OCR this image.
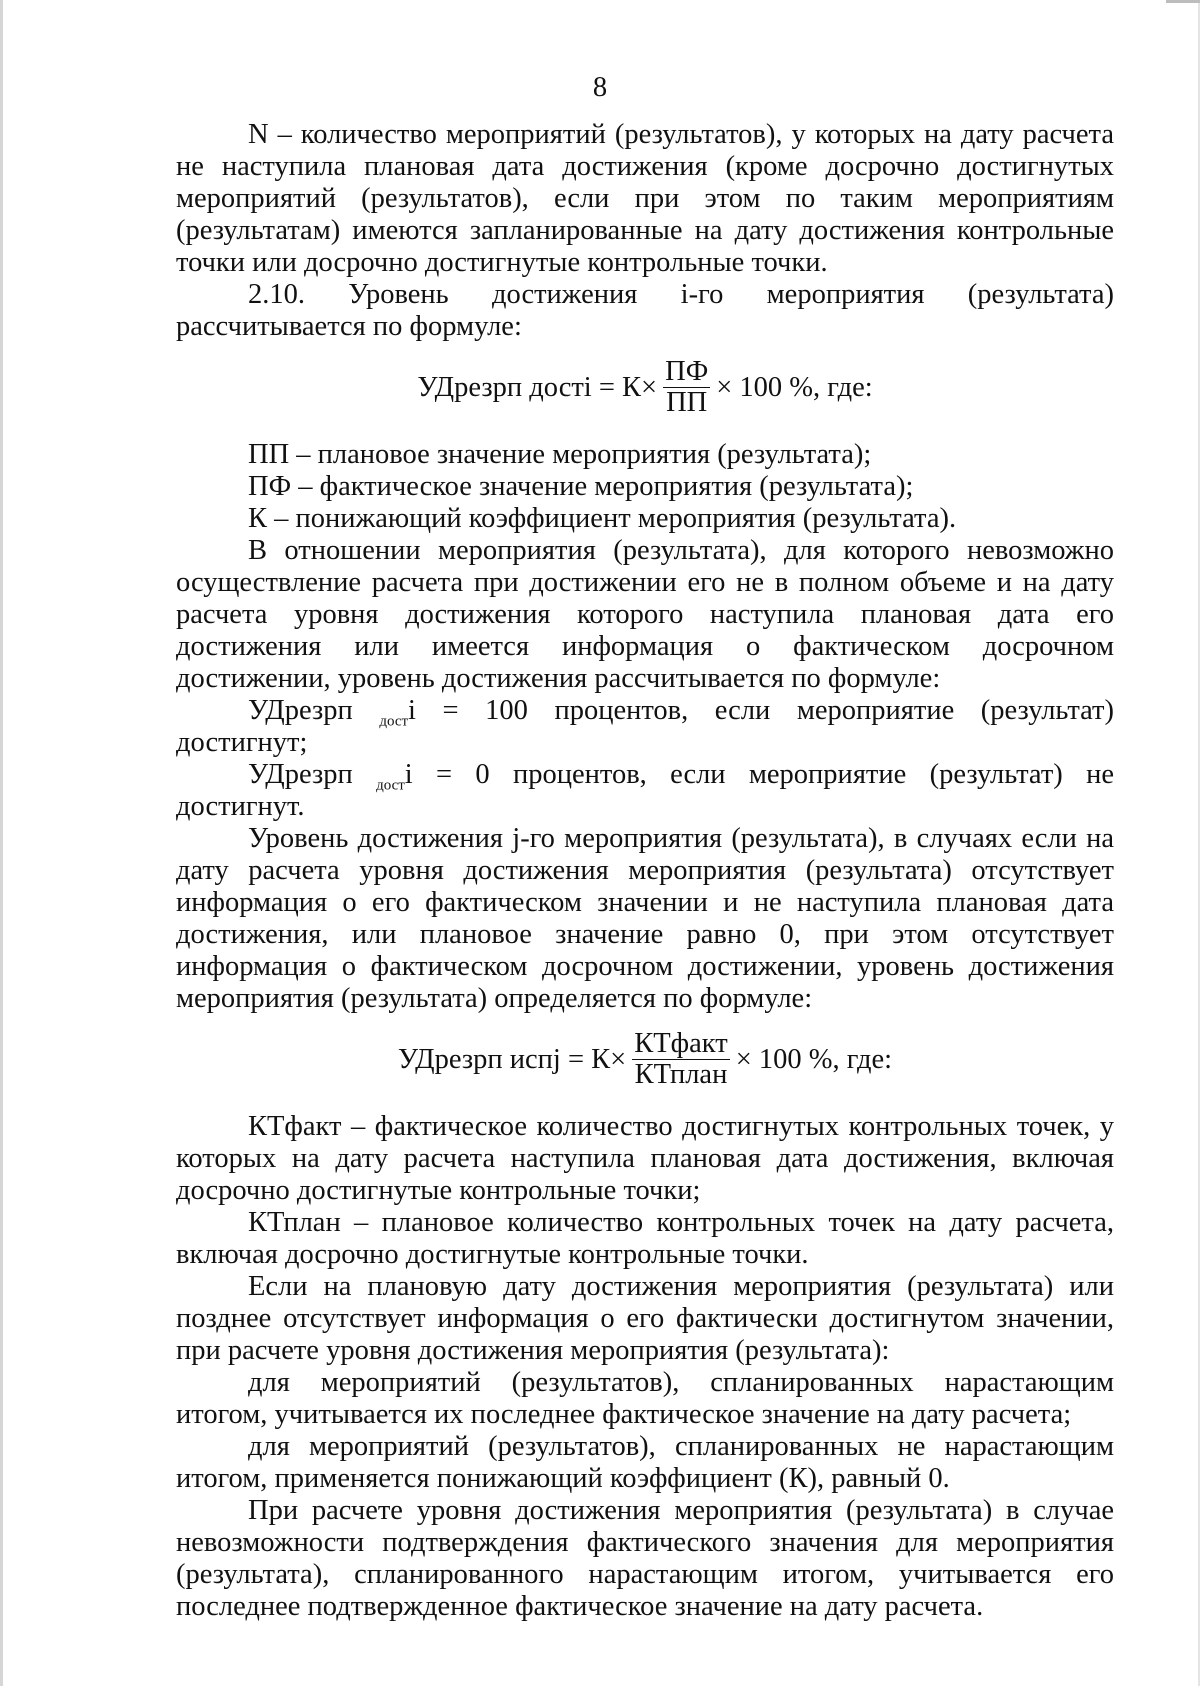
8

N – количество мероприятий (результатов), у которых на дату расчета не наступила плановая дата достижения (кроме досрочно достигнутых мероприятий (результатов), если при этом по таким мероприятиям (результатам) имеются запланированные на дату достижения контрольные точки или досрочно достигнутые контрольные точки.

2.10. Уровень достижения i-го мероприятия (результата) рассчитывается по формуле:

УДрезрп достi = $К\times \frac{ПФ}{ПП} \times 100$ %, где:

ПП – плановое значение мероприятия (результата);

ПФ – фактическое значение мероприятия (результата);

К – понижающий коэффициент мероприятия (результата).

В отношении мероприятия (результата), для которого невозможно осуществление расчета при достижении его не в полном объеме и на дату расчета уровня достижения которого наступила плановая дата его достижения или имеется информация о фактическом досрочном достижении, уровень достижения рассчитывается по формуле:

УДрезрп $_{дост}$i = 100 процентов, если мероприятие (результат) достигнут;

УДрезрп $_{дост}$i = 0 процентов, если мероприятие (результат) не достигнут.

Уровень достижения j-го мероприятия (результата), в случаях если на дату расчета уровня достижения мероприятия (результата) отсутствует информация о его фактическом значении и не наступила плановая дата достижения, или плановое значение равно 0, при этом отсутствует информация о фактическом досрочном достижении, уровень достижения мероприятия (результата) определяется по формуле:

УДрезрп испj = $К\times \frac{\text{КТфакт}}{\text{КТплан}} \times 100$ %, где:

КТфакт – фактическое количество достигнутых контрольных точек, у которых на дату расчета наступила плановая дата достижения, включая досрочно достигнутые контрольные точки;

КТплан – плановое количество контрольных точек на дату расчета, включая досрочно достигнутые контрольные точки.

Если на плановую дату достижения мероприятия (результата) или позднее отсутствует информация о его фактически достигнутом значении, при расчете уровня достижения мероприятия (результата):

для мероприятий (результатов), спланированных нарастающим итогом, учитывается их последнее фактическое значение на дату расчета;

для мероприятий (результатов), спланированных не нарастающим итогом, применяется понижающий коэффициент (К), равный 0.

При расчете уровня достижения мероприятия (результата) в случае невозможности подтверждения фактического значения для мероприятия (результата), спланированного нарастающим итогом, учитывается его последнее подтвержденное фактическое значение на дату расчета.
